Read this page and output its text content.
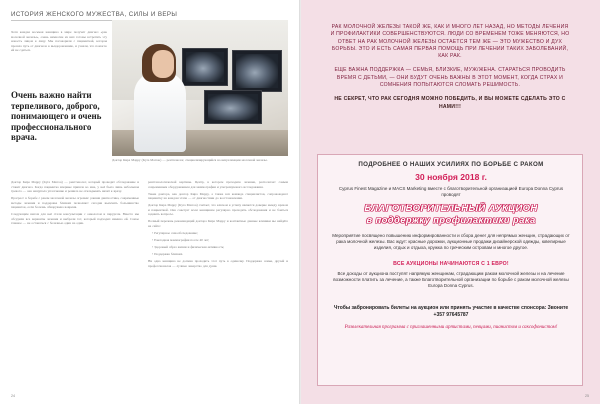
ИСТОРИЯ ЖЕНСКОГО МУЖЕСТВА, СИЛЫ И ВЕРЫ
Хотя каждая восьмая женщина в мире получит диагноз «рак молочной железы», очень немногие из них готовы встретить эту новость лицом к лицу. Мы поговорили с пациенткой, которая прошла путь от диагноза к выздоровлению, и узнали, что помогло ей не сдаться.
Очень важно найти терпеливого, доброго, понимающего и очень профессионального врача.
Доктор Кира Марру (Kyra Marrou) — рентгенолог, специализирующийся на визуализации молочной железы.

Доктор Кира Марру (Kyra Marrou) — рентгенолог, который проводит обследование и ставит диагноз. Когда пациентка впервые пришла ко мне, у неё была лишь небольшая тревога — она нащупала уплотнение и решила не откладывать визит к врачу.

Прогресс в борьбе с раком молочной железы огромен: ранняя диагностика, современные методы лечения и поддержка близких позволяют сегодня вылечить большинство пациенток, если болезнь обнаружена вовремя.

Следующим шагом для неё стали консультации с онкологом и хирургом. Вместе мы обсудили все варианты лечения и выбрали тот, который подходил именно ей. Самое главное — не оставаться с болезнью один на один.

рентгенологической картины. Центр, в котором проходило лечение, располагает самым современным оборудованием для маммографии и ультразвукового исследования.

Такие доктора, как доктор Кира Марру, а также вся команда специалистов, сопровождают пациентку на каждом этапе — от диагностики до восстановления.

Доктор Кира Марру (Kyra Marrou) считает, что ключом к успеху является доверие между врачом и пациенткой. Она советует всем женщинам регулярно проходить обследования и не бояться задавать вопросы.

Полный перечень рекомендаций доктора Кира Марру и контактные данные клиники вы найдёте на сайте:

• Регулярное самообследование;

• Ежегодная маммография после 40 лет;

• Здоровый образ жизни и физическая активность;

• Поддержка близких.

Ни одна женщина не должна проходить этот путь в одиночку. Поддержка семьи, друзей и профессионалов — лучшее лекарство для души.

24

РАК МОЛОЧНОЙ ЖЕЛЕЗЫ ТАКОЙ ЖЕ, КАК И МНОГО ЛЕТ НАЗАД, НО МЕТОДЫ ЛЕЧЕНИЯ И ПРОФИЛАКТИКИ СОВЕРШЕНСТВУЮТСЯ. ЛЮДИ СО ВРЕМЕНЕМ ТОЖЕ МЕНЯЮТСЯ, НО ОТВЕТ НА РАК МОЛОЧНОЙ ЖЕЛЕЗЫ ОСТАЕТСЯ ТЕМ ЖЕ — ЭТО МУЖЕСТВО И ДУХ БОРЬБЫ. ЭТО И ЕСТЬ САМАЯ ПЕРВАЯ ПОМОЩЬ ПРИ ЛЕЧЕНИИ ТАКИХ ЗАБОЛЕВАНИЙ, КАК РАК.

ЕЩЕ ВАЖНА ПОДДЕРЖКА — СЕМЬЯ, БЛИЗКИЕ, МУЖ/ЖЕНА. СТАРАТЬСЯ ПРОВОДИТЬ ВРЕМЯ С ДЕТЬМИ, — ОНИ БУДУТ ОЧЕНЬ ВАЖНЫ В ЭТОТ МОМЕНТ, КОГДА СТРАХ И СОМНЕНИЯ ПОПЫТАЮТСЯ СЛОМАТЬ РЕШИМОСТЬ.

НЕ СЕКРЕТ, ЧТО РАК СЕГОДНЯ МОЖНО ПОБЕДИТЬ, И ВЫ МОЖЕТЕ СДЕЛАТЬ ЭТО С НАМИ!!!

ПОДРОБНЕЕ О НАШИХ УСИЛИЯХ ПО БОРЬБЕ С РАКОМ
30 ноября 2018 г.
Cyprus Finest Magazine и MACS Marketing вместе с благотворительной организацией Europa Donna Cyprus проводят
БЛАГОТВОРИТЕЛЬНЫЙ АУКЦИОН
в поддержку профилактики рака
Мероприятие посвящено повышению информированности и сбора денег для непрямых женщин, страдающих от рака молочной железы. Вас ждут: красные дорожки, аукционные продажи дизайнерской одежды, ювелирные изделия, отдых и отдыха, кружка по греческим островам и многое другое.
ВСЕ АУКЦИОНЫ НАЧИНАЮТСЯ С 1 ЕВРО!
Все доходы от аукциона поступят напрямую женщинам, страдающим раком молочной железы и на лечение возможности платить за лечение, а также Благотворительной организации по борьбе с раком молочной железы Europa Donna Cyprus.
Чтобы забронировать билеты на аукцион или принять участие в качестве спонсора: Звоните +357 97645787
Развлекательная программа с приглашенными артистами, певцами, пианистом и саксофонистом!
25
